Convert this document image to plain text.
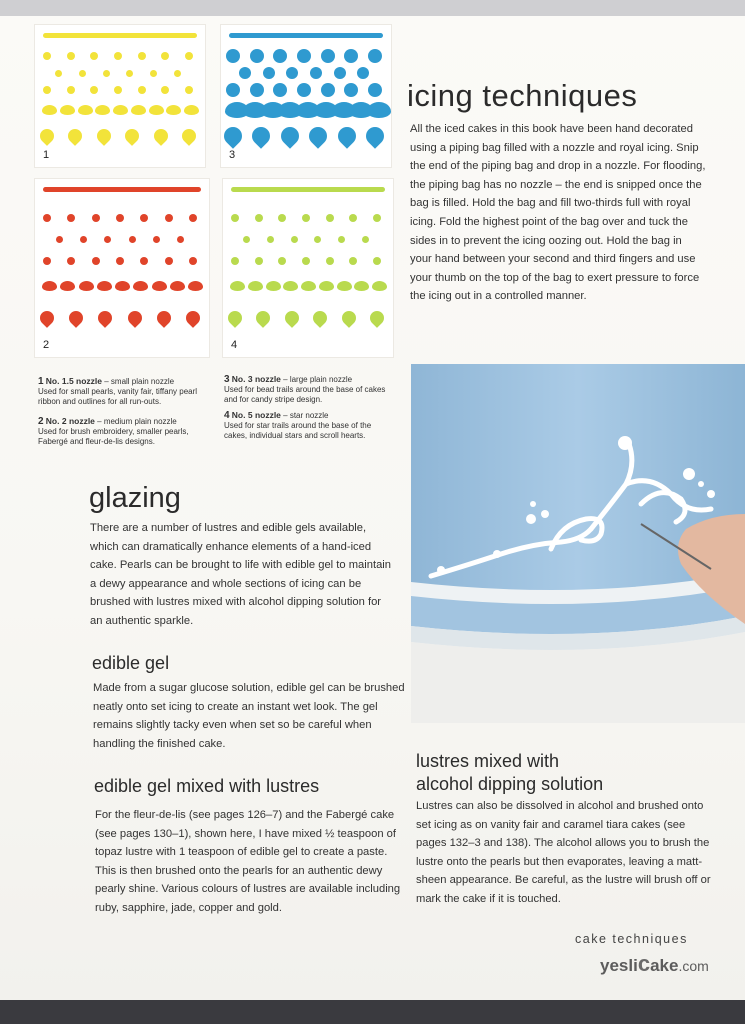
1	3
2	4
icing techniques
All the iced cakes in this book have been hand decorated using a piping bag filled with a nozzle and royal icing. Snip the end of the piping bag and drop in a nozzle. For flooding, the piping bag has no nozzle – the end is snipped once the bag is filled. Hold the bag and fill two-thirds full with royal icing. Fold the highest point of the bag over and tuck the sides in to prevent the icing oozing out. Hold the bag in your hand between your second and third fingers and use your thumb on the top of the bag to exert pressure to force the icing out in a controlled manner.
1 No. 1.5 nozzle – small plain nozzle
Used for small pearls, vanity fair, tiffany pearl ribbon and outlines for all run-outs.
2 No. 2 nozzle – medium plain nozzle
Used for brush embroidery, smaller pearls, Fabergé and fleur-de-lis designs.
3 No. 3 nozzle – large plain nozzle
Used for bead trails around the base of cakes and for candy stripe design.
4 No. 5 nozzle – star nozzle
Used for star trails around the base of the cakes, individual stars and scroll hearts.
glazing
There are a number of lustres and edible gels available, which can dramatically enhance elements of a hand-iced cake. Pearls can be brought to life with edible gel to maintain a dewy appearance and whole sections of icing can be brushed with lustres mixed with alcohol dipping solution for an authentic sparkle.
edible gel
Made from a sugar glucose solution, edible gel can be brushed neatly onto set icing to create an instant wet look. The gel remains slightly tacky even when set so be careful when handling the finished cake.
edible gel mixed with lustres
For the fleur-de-lis (see pages 126–7) and the Fabergé cake (see pages 130–1), shown here, I have mixed ½ teaspoon of topaz lustre with 1 teaspoon of edible gel to create a paste. This is then brushed onto the pearls for an authentic dewy pearly shine. Various colours of lustres are available including ruby, sapphire, jade, copper and gold.
lustres mixed with
alcohol dipping solution
Lustres can also be dissolved in alcohol and brushed onto set icing as on vanity fair and caramel tiara cakes (see pages 132–3 and 138). The alcohol allows you to brush the lustre onto the pearls but then evaporates, leaving a matt-sheen appearance. Be careful, as the lustre will brush off or mark the cake if it is touched.
cake techniques
yeslicake.com
